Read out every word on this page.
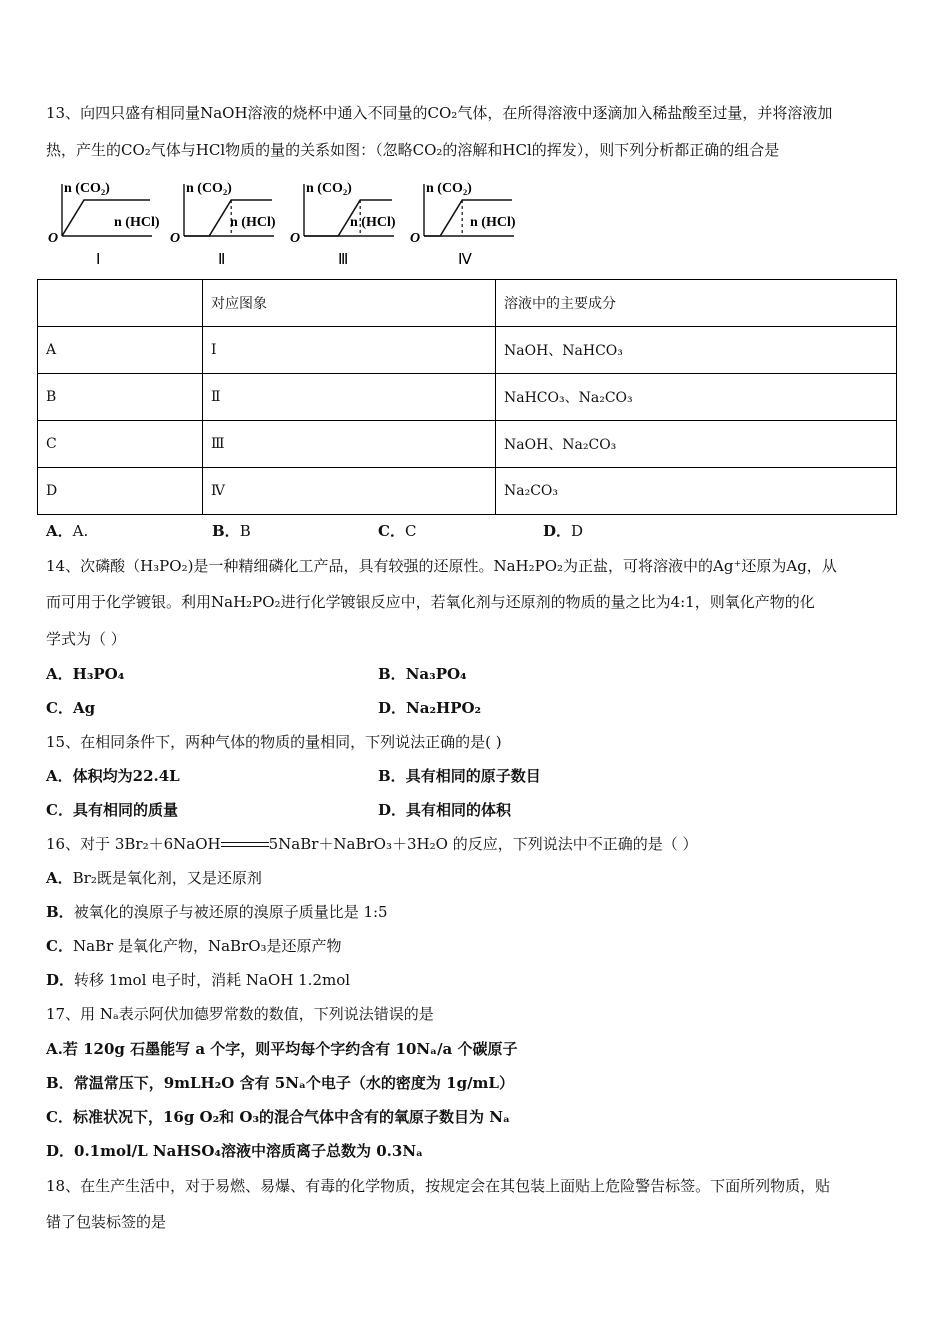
13、向四只盛有相同量NaOH溶液的烧杯中通入不同量的CO₂气体，在所得溶液中逐滴加入稀盐酸至过量，并将溶液加
热，产生的CO₂气体与HCl物质的量的关系如图：（忽略CO₂的溶解和HCl的挥发），则下列分析都正确的组合是
n (CO₂)
n (HCl)
O
Ⅰ
n (CO₂)
n (HCl)
O
Ⅱ
n (CO₂)
n (HCl)
O
Ⅲ
n (CO₂)
n (HCl)
O
Ⅳ
	对应图象	溶液中的主要成分
A	Ⅰ	NaOH、NaHCO₃
B	Ⅱ	NaHCO₃、Na₂CO₃
C	Ⅲ	NaOH、Na₂CO₃
D	Ⅳ	Na₂CO₃
A．A.	B．B	C．C	D．D
14、次磷酸（H₃PO₂)是一种精细磷化工产品，具有较强的还原性。NaH₂PO₂为正盐，可将溶液中的Ag⁺还原为Ag，从
而可用于化学镀银。利用NaH₂PO₂进行化学镀银反应中，若氧化剂与还原剂的物质的量之比为4:1，则氧化产物的化
学式为（ ）
A．H₃PO₄	B．Na₃PO₄
C．Ag	D．Na₂HPO₂
15、在相同条件下，两种气体的物质的量相同，下列说法正确的是( )
A．体积均为22.4L	B．具有相同的原子数目
C．具有相同的质量	D．具有相同的体积
16、对于 3Br₂＋6NaOH	5NaBr＋NaBrO₃＋3H₂O 的反应，下列说法中不正确的是（ ）
A．Br₂既是氧化剂，又是还原剂
B．被氧化的溴原子与被还原的溴原子质量比是 1:5
C．NaBr 是氧化产物，NaBrO₃是还原产物
D．转移 1mol 电子时，消耗 NaOH 1.2mol
17、用 Nₐ表示阿伏加德罗常数的数值，下列说法错误的是
A.若 120g 石墨能写 a 个字，则平均每个字约含有 10Nₐ/a 个碳原子
B．常温常压下，9mLH₂O 含有 5Nₐ个电子（水的密度为 1g/mL）
C．标准状况下，16g O₂和 O₃的混合气体中含有的氧原子数目为 Nₐ
D．0.1mol/L NaHSO₄溶液中溶质离子总数为 0.3Nₐ
18、在生产生活中，对于易燃、易爆、有毒的化学物质，按规定会在其包装上面贴上危险警告标签。下面所列物质，贴
错了包装标签的是
